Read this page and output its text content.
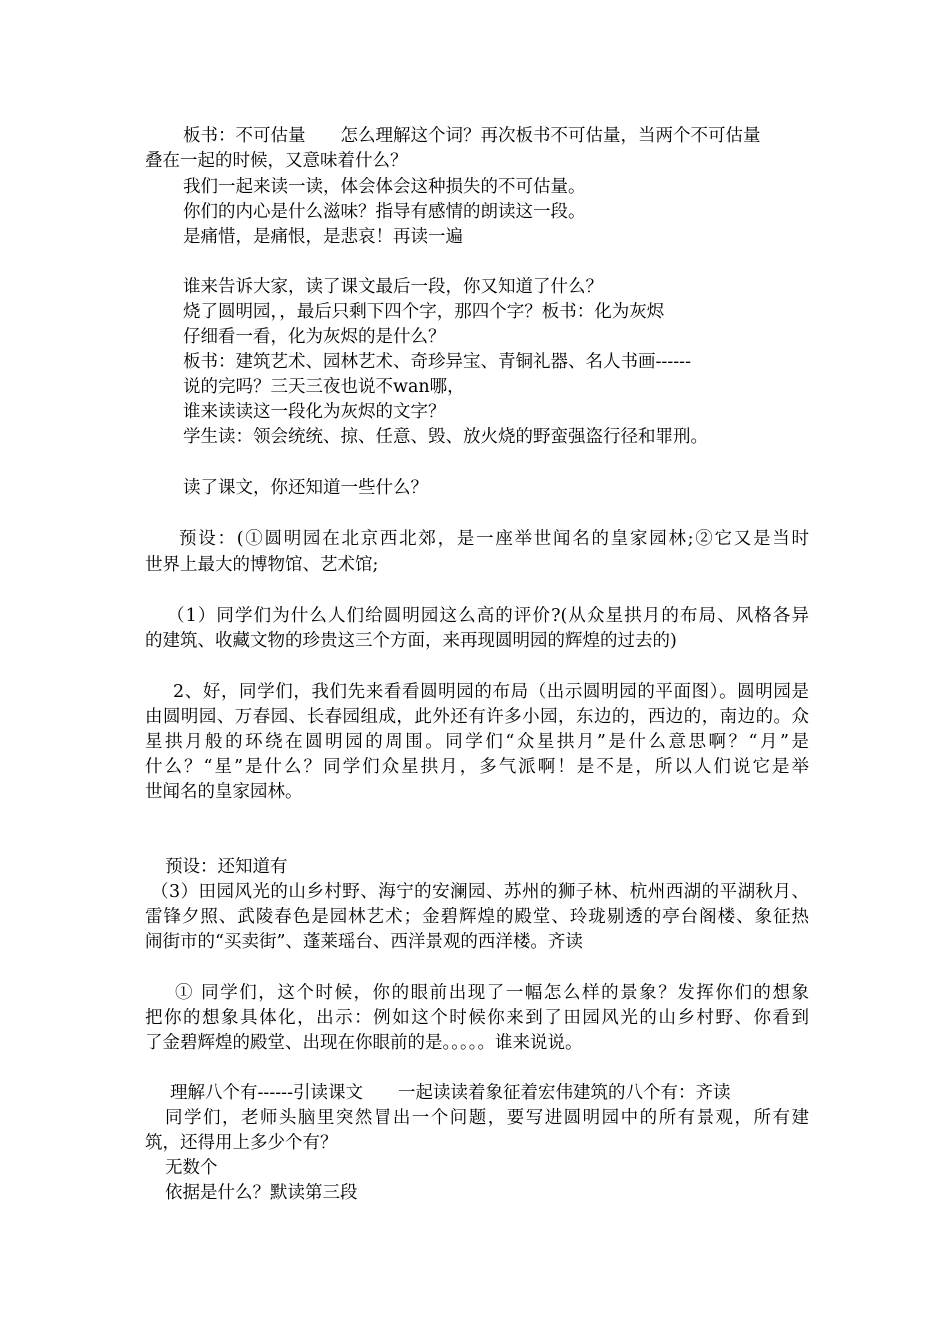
板书：不可估量　　怎么理解这个词？再次板书不可估量，当两个不可估量

叠在一起的时候，又意味着什么？

我们一起来读一读，体会体会这种损失的不可估量。

你们的内心是什么滋味？指导有感情的朗读这一段。

是痛惜，是痛恨，是悲哀！再读一遍

谁来告诉大家，读了课文最后一段，你又知道了什么？

烧了圆明园，，最后只剩下四个字，那四个字？板书：化为灰烬

仔细看一看，化为灰烬的是什么？

板书：建筑艺术、园林艺术、奇珍异宝、青铜礼器、名人书画------

说的完吗？三天三夜也说不wan哪，

谁来读读这一段化为灰烬的文字？

学生读：领会统统、掠、任意、毁、放火烧的野蛮强盗行径和罪刑。

读了课文，你还知道一些什么？

预设：(①圆明园在北京西北郊，是一座举世闻名的皇家园林;②它又是当时

世界上最大的博物馆、艺术馆;

（1）同学们为什么人们给圆明园这么高的评价?(从众星拱月的布局、风格各异

的建筑、收藏文物的珍贵这三个方面，来再现圆明园的辉煌的过去的)

2、好，同学们，我们先来看看圆明园的布局（出示圆明园的平面图）。圆明园是

由圆明园、万春园、长春园组成，此外还有许多小园，东边的，西边的，南边的。众

星拱月般的环绕在圆明园的周围。同学们“众星拱月”是什么意思啊？“月”是

什么？“星”是什么？同学们众星拱月，多气派啊！是不是，所以人们说它是举

世闻名的皇家园林。

预设：还知道有

（3）田园风光的山乡村野、海宁的安澜园、苏州的狮子林、杭州西湖的平湖秋月、

雷锋夕照、武陵春色是园林艺术；金碧辉煌的殿堂、玲珑剔透的亭台阁楼、象征热

闹街市的“买卖街”、蓬莱瑶台、西洋景观的西洋楼。齐读

① 同学们，这个时候，你的眼前出现了一幅怎么样的景象？发挥你们的想象

把你的想象具体化，出示：例如这个时候你来到了田园风光的山乡村野、你看到

了金碧辉煌的殿堂、出现在你眼前的是。。。。。谁来说说。

理解八个有------引读课文　　一起读读着象征着宏伟建筑的八个有：齐读

同学们，老师头脑里突然冒出一个问题，要写进圆明园中的所有景观，所有建

筑，还得用上多少个有？

无数个

依据是什么？默读第三段
